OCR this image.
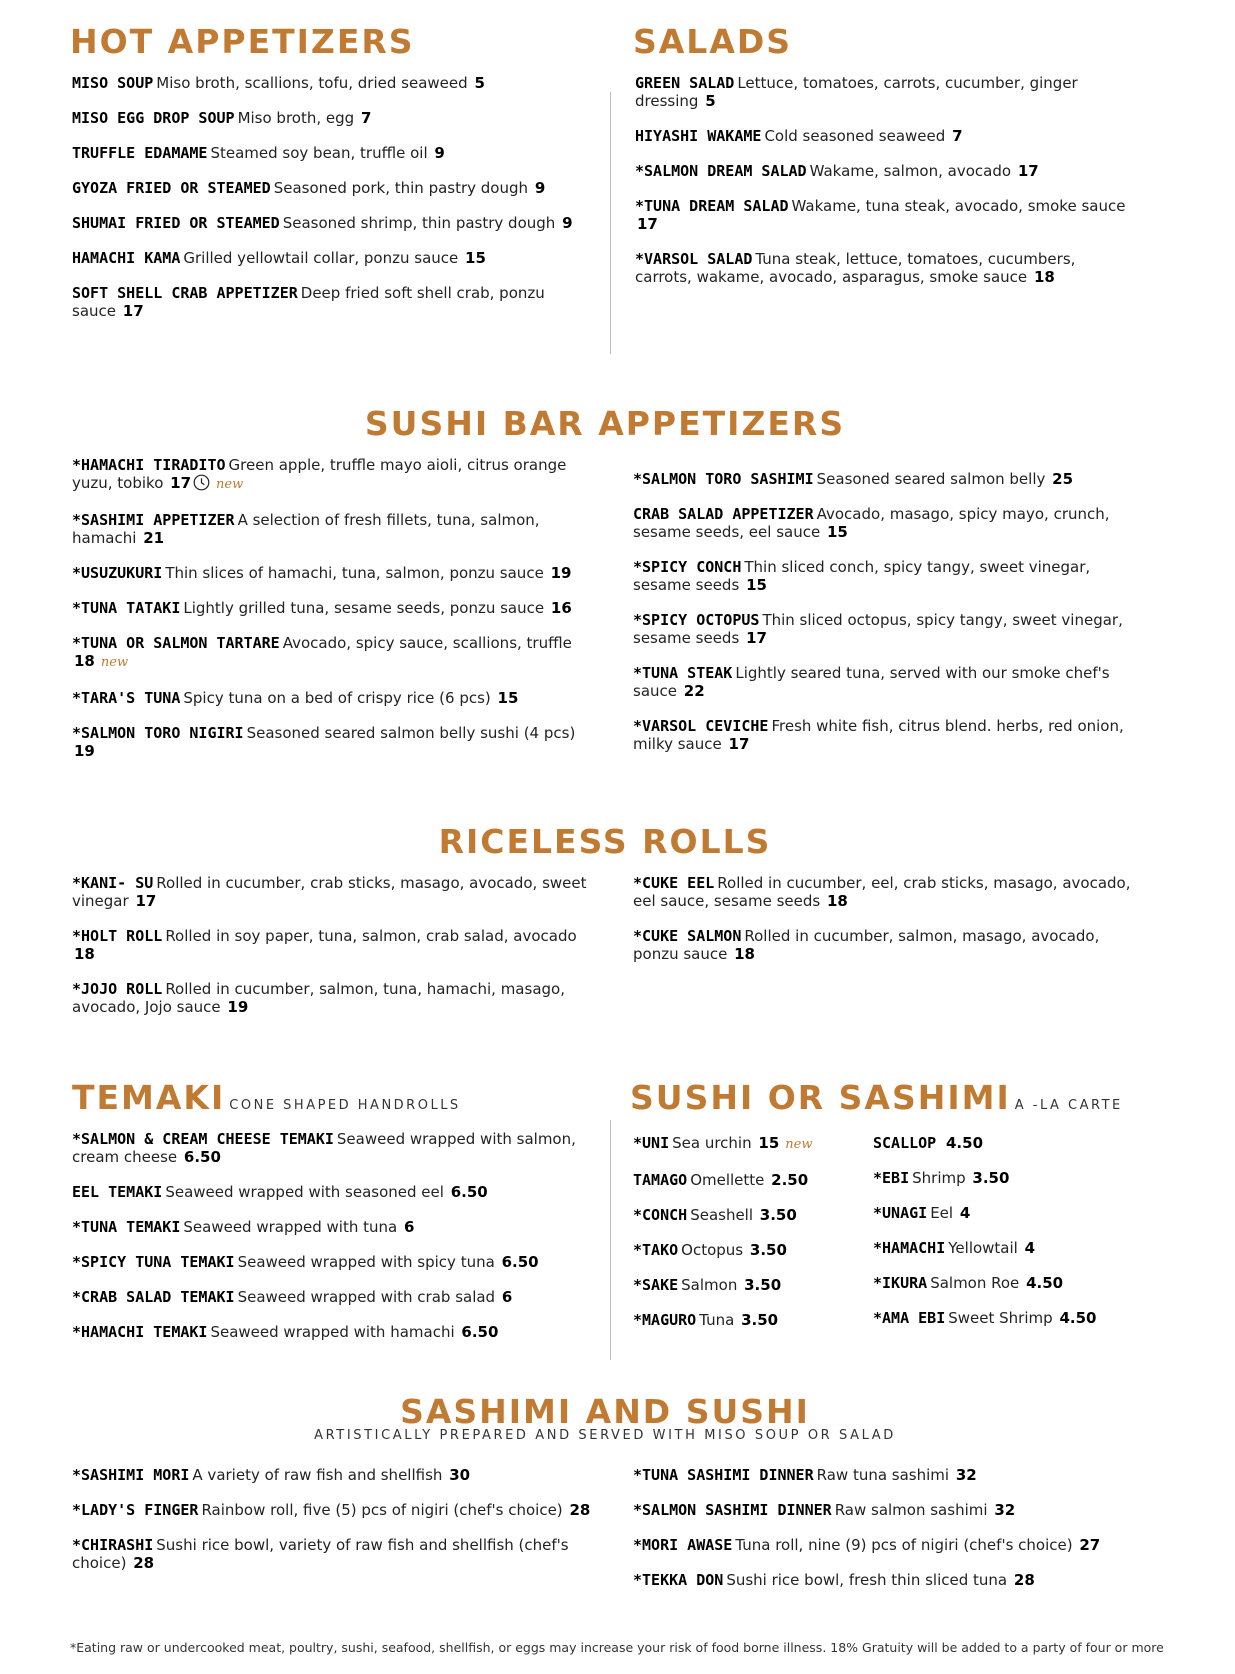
HOT APPETIZERS
MISO SOUP Miso broth, scallions, tofu, dried seaweed 5
MISO EGG DROP SOUP Miso broth, egg 7
TRUFFLE EDAMAME Steamed soy bean, truffle oil 9
GYOZA FRIED OR STEAMED Seasoned pork, thin pastry dough 9
SHUMAI FRIED OR STEAMED Seasoned shrimp, thin pastry dough 9
HAMACHI KAMA Grilled yellowtail collar, ponzu sauce 15
SOFT SHELL CRAB APPETIZER Deep fried soft shell crab, ponzu sauce 17
SALADS
GREEN SALAD Lettuce, tomatoes, carrots, cucumber, ginger dressing 5
HIYASHI WAKAME Cold seasoned seaweed 7
*SALMON DREAM SALAD Wakame, salmon, avocado 17
*TUNA DREAM SALAD Wakame, tuna steak, avocado, smoke sauce 17
*VARSOL SALAD Tuna steak, lettuce, tomatoes, cucumbers, carrots, wakame, avocado, asparagus, smoke sauce 18
SUSHI BAR APPETIZERS
*HAMACHI TIRADITO Green apple, truffle mayo aioli, citrus orange yuzu, tobiko 17 new
*SASHIMI APPETIZER A selection of fresh fillets, tuna, salmon, hamachi 21
*USUZUKURI Thin slices of hamachi, tuna, salmon, ponzu sauce 19
*TUNA TATAKI Lightly grilled tuna, sesame seeds, ponzu sauce 16
*TUNA OR SALMON TARTARE Avocado, spicy sauce, scallions, truffle 18 new
*TARA'S TUNA Spicy tuna on a bed of crispy rice (6 pcs) 15
*SALMON TORO NIGIRI Seasoned seared salmon belly sushi (4 pcs) 19
*SALMON TORO SASHIMI Seasoned seared salmon belly 25
CRAB SALAD APPETIZER Avocado, masago, spicy mayo, crunch, sesame seeds, eel sauce 15
*SPICY CONCH Thin sliced conch, spicy tangy, sweet vinegar, sesame seeds 15
*SPICY OCTOPUS Thin sliced octopus, spicy tangy, sweet vinegar, sesame seeds 17
*TUNA STEAK Lightly seared tuna, served with our smoke chef's sauce 22
*VARSOL CEVICHE Fresh white fish, citrus blend. herbs, red onion, milky sauce 17
RICELESS ROLLS
*KANI- SU Rolled in cucumber, crab sticks, masago, avocado, sweet vinegar 17
*HOLT ROLL Rolled in soy paper, tuna, salmon, crab salad, avocado 18
*JOJO ROLL Rolled in cucumber, salmon, tuna, hamachi, masago, avocado, Jojo sauce 19
*CUKE EEL Rolled in cucumber, eel, crab sticks, masago, avocado, eel sauce, sesame seeds 18
*CUKE SALMON Rolled in cucumber, salmon, masago, avocado, ponzu sauce 18
TEMAKI CONE SHAPED HANDROLLS
*SALMON & CREAM CHEESE TEMAKI Seaweed wrapped with salmon, cream cheese 6.50
EEL TEMAKI Seaweed wrapped with seasoned eel 6.50
*TUNA TEMAKI Seaweed wrapped with tuna 6
*SPICY TUNA TEMAKI Seaweed wrapped with spicy tuna 6.50
*CRAB SALAD TEMAKI Seaweed wrapped with crab salad 6
*HAMACHI TEMAKI Seaweed wrapped with hamachi 6.50
SUSHI OR SASHIMI A -LA CARTE
*UNI Sea urchin 15 new
TAMAGO Omellette 2.50
*CONCH Seashell 3.50
*TAKO Octopus 3.50
*SAKE Salmon 3.50
*MAGURO Tuna 3.50
SCALLOP 4.50
*EBI Shrimp 3.50
*UNAGI Eel 4
*HAMACHI Yellowtail 4
*IKURA Salmon Roe 4.50
*AMA EBI Sweet Shrimp 4.50
SASHIMI AND SUSHI
ARTISTICALLY PREPARED AND SERVED WITH MISO SOUP OR SALAD
*SASHIMI MORI A variety of raw fish and shellfish 30
*LADY'S FINGER Rainbow roll, five (5) pcs of nigiri (chef's choice) 28
*CHIRASHI Sushi rice bowl, variety of raw fish and shellfish (chef's choice) 28
*TUNA SASHIMI DINNER Raw tuna sashimi 32
*SALMON SASHIMI DINNER Raw salmon sashimi 32
*MORI AWASE Tuna roll, nine (9) pcs of nigiri (chef's choice) 27
*TEKKA DON Sushi rice bowl, fresh thin sliced tuna 28
*Eating raw or undercooked meat, poultry, sushi, seafood, shellfish, or eggs may increase your risk of food borne illness. 18% Gratuity will be added to a party of four or more
